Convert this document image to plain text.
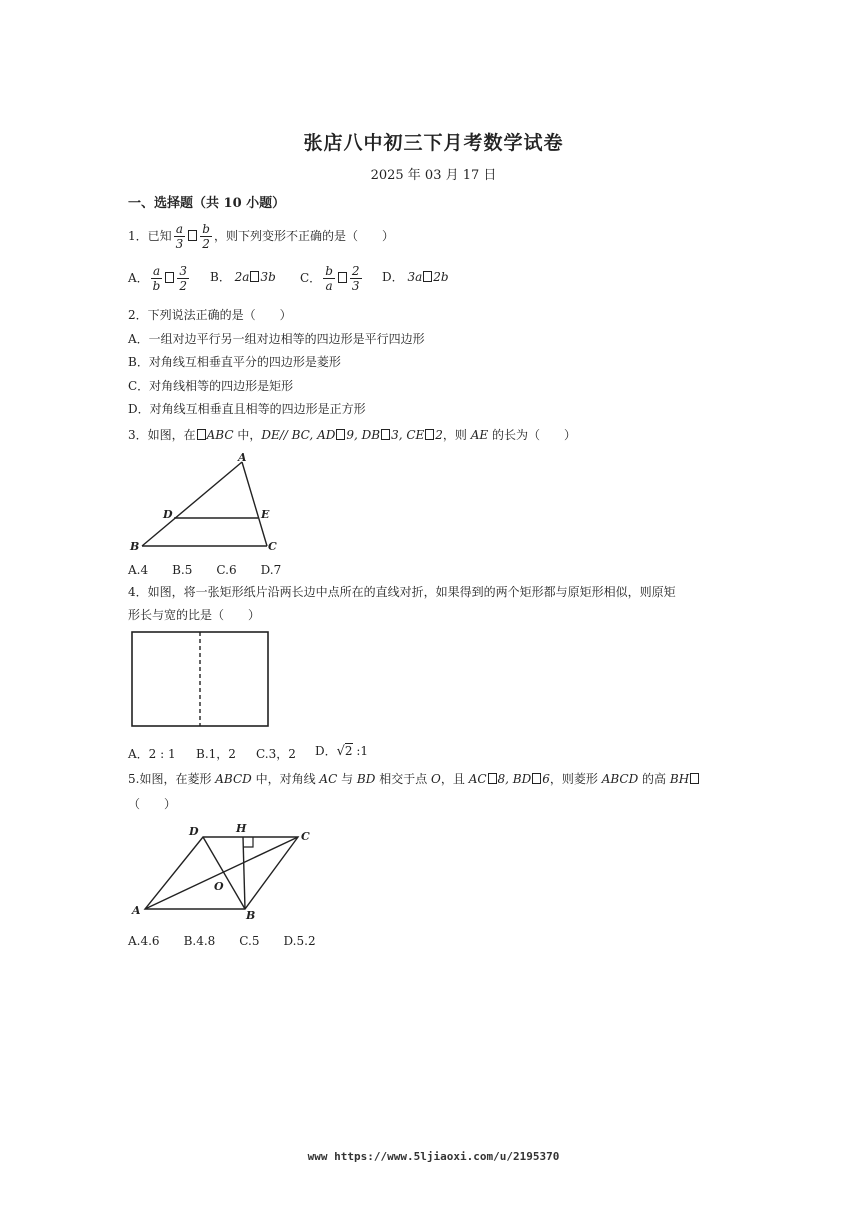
张店八中初三下月考数学试卷
2025 年 03 月 17 日
一、选择题（共 10 小题）
1．已知 $\frac{a}{3} \frac{b}{2}$ ，则下列变形不正确的是（　　）
A． $\frac{a}{b} \frac{3}{2}$ B． 2a 3b C． $\frac{b}{a} \frac{2}{3}$ D． 3a 2b
2．下列说法正确的是（　　）
A．一组对边平行另一组对边相等的四边形是平行四边形
B．对角线互相垂直平分的四边形是菱形
C．对角线相等的四边形是矩形
D．对角线互相垂直且相等的四边形是正方形
3．如图，在 ABC 中，DE// BC, AD 9, DB 3, CE 2，则 AE 的长为（　　）
A
B	C
D	E
A.4　　B.5　　C.6　　D.7
4．如图，将一张矩形纸片沿两长边中点所在的直线对折，如果得到的两个矩形都与原矩形相似，则原矩
形长与宽的比是（　　）
A．2 : 1 B.1，2 C.3，2 D．√2 :1
5.如图，在菱形 ABCD 中，对角线 AC 与 BD 相交于点 O，且 AC 8, BD 6，则菱形 ABCD 的高 BH
（　　）
A	B
C
D	H
O
A.4.6　　B.4.8　　C.5　　D.5.2
www https://www.5ljiaoxi.com/u/2195370
